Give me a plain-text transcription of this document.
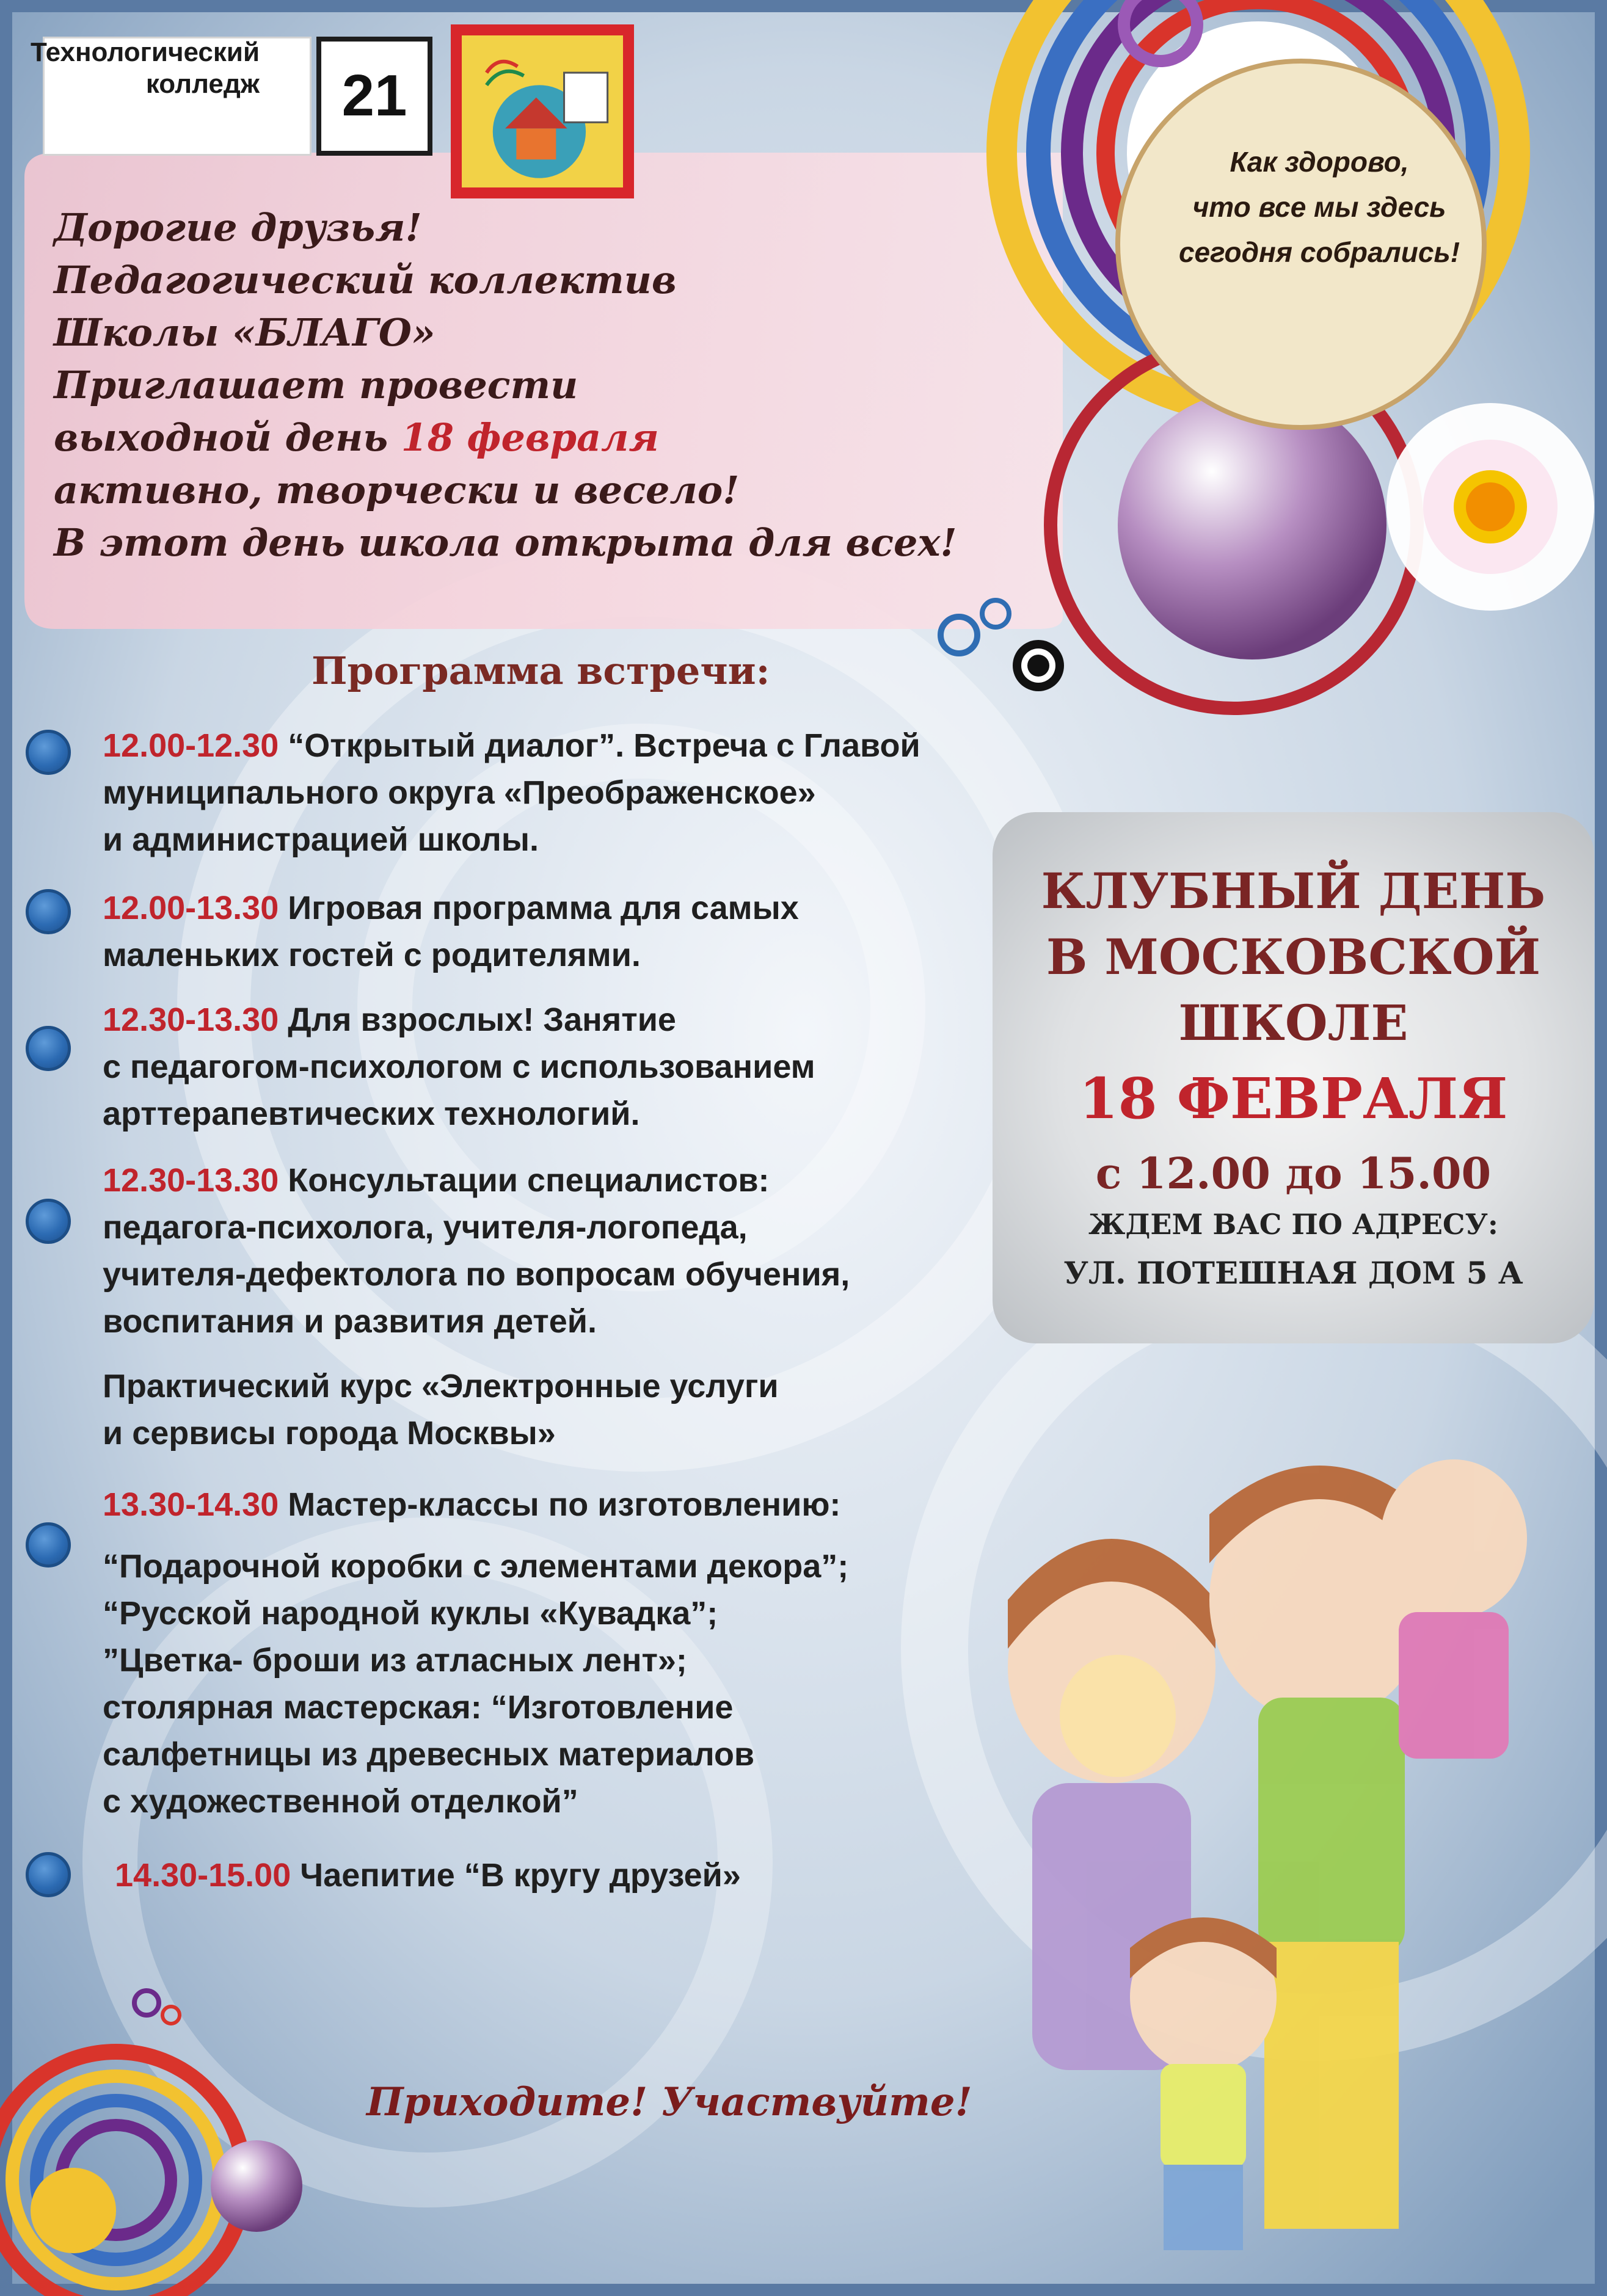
Технологический
колледж	21
Дорогие друзья!
Педагогический коллектив
Школы «БЛАГО»
Приглашает провести
выходной день 18 февраля
активно, творчески и весело!
В этот день школа открыта для всех!
Как здорово,
что все мы здесь
сегодня собрались!
Программа встречи:
12.00-12.30 “Открытый диалог”. Встреча с Главой
муниципального округа «Преображенское»
и администрацией школы.
12.00-13.30 Игровая программа для самых
маленьких гостей с родителями.
12.30-13.30 Для взрослых! Занятие
с педагогом-психологом с использованием
арттерапевтических технологий.
12.30-13.30 Консультации специалистов:
педагога-психолога, учителя-логопеда,
учителя-дефектолога по вопросам обучения,
воспитания и развития детей.
Практический курс «Электронные услуги
и сервисы города Москвы»
13.30-14.30 Мастер-классы по изготовлению:
“Подарочной коробки с элементами декора”;
“Русской народной куклы «Кувадка”;
”Цветка- броши из атласных лент»;
столярная мастерская: “Изготовление
салфетницы из древесных материалов
с художественной отделкой”
14.30-15.00 Чаепитие “В кругу друзей»
КЛУБНЫЙ ДЕНЬ
В МОСКОВСКОЙ
ШКОЛЕ
18 ФЕВРАЛЯ
с 12.00 до 15.00
ЖДЕМ ВАС ПО АДРЕСУ:
УЛ. ПОТЕШНАЯ ДОМ 5 А
Приходите! Участвуйте!
